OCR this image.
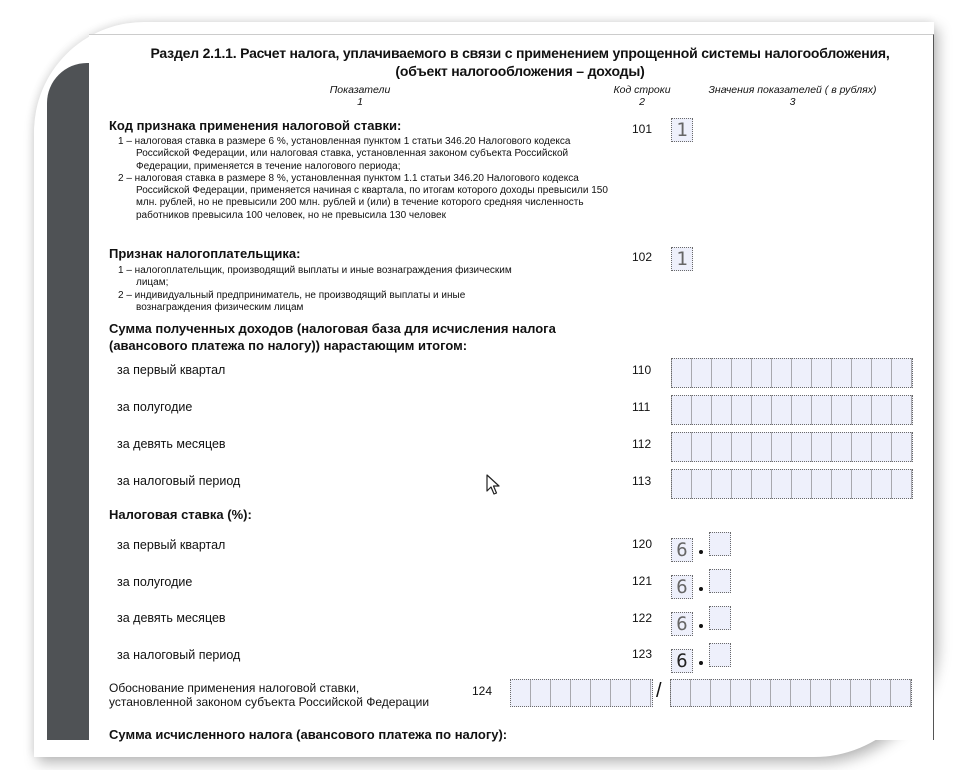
Раздел 2.1.1. Расчет налога, уплачиваемого в связи с применением упрощенной системы налогообложения,
(объект налогообложения – доходы)
Показатели
1
Код строки
2
Значения показателей ( в рублях)
3
Код признака применения налоговой ставки:
1 – налоговая ставка в размере 6 %, установленная пунктом 1 статьи 346.20 Налогового кодекса Российской Федерации, или налоговая ставка, установленная законом субъекта Российской Федерации, применяется в течение налогового периода;
2 – налоговая ставка в размере 8 %, установленная пунктом 1.1 статьи 346.20 Налогового кодекса Российской Федерации, применяется начиная с квартала, по итогам которого доходы превысили 150 млн. рублей, но не превысили 200 млн. рублей и (или) в течение которого средняя численность работников превысила 100 человек, но не превысила 130 человек
101 1
Признак налогоплательщика:
1 – налогоплательщик, производящий выплаты и иные вознаграждения физическим лицам;
2 – индивидуальный предприниматель, не производящий выплаты и иные вознаграждения физическим лицам
102 1
Сумма полученных доходов (налоговая база для исчисления налога (авансового платежа по налогу)) нарастающим итогом:
за первый квартал	110
за полугодие	111
за девять месяцев	112
за налоговый период	113
Налоговая ставка (%):
за первый квартал	120 6
за полугодие	121 6
за девять месяцев	122 6
за налоговый период	123 6
Обоснование применения налоговой ставки,
установленной законом субъекта Российской Федерации
124	/
Сумма исчисленного налога (авансового платежа по налогу):
